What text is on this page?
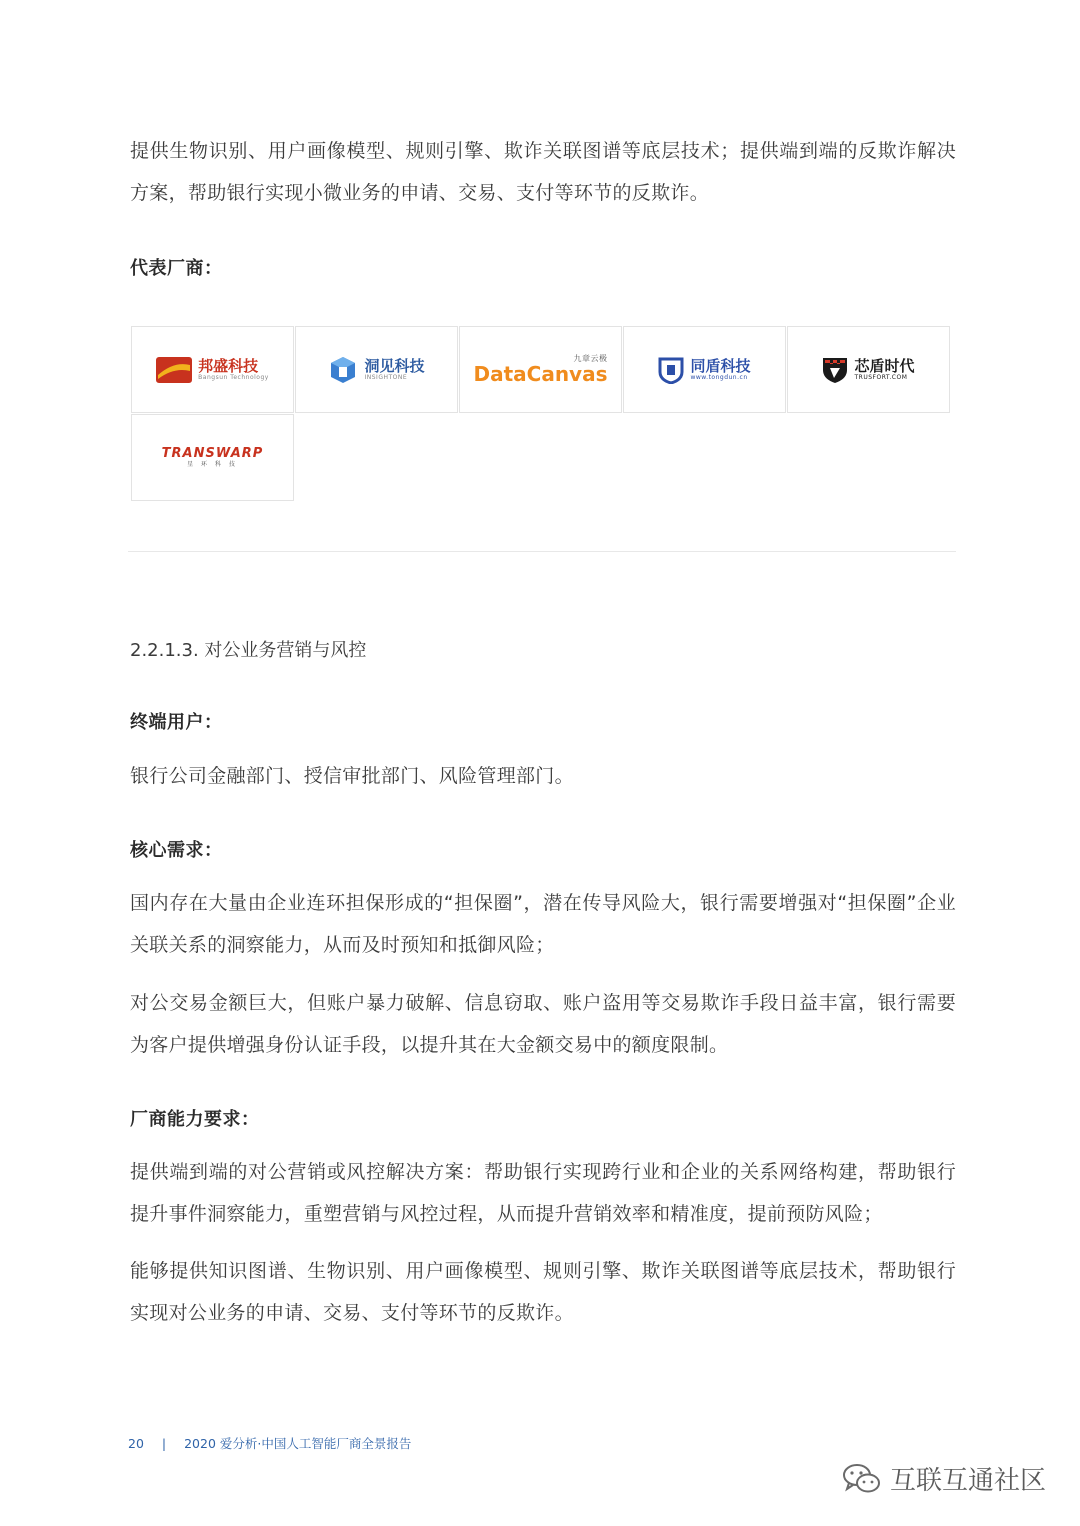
提供生物识别、用户画像模型、规则引擎、欺诈关联图谱等底层技术；提供端到端的反欺诈解决方案，帮助银行实现小微业务的申请、交易、支付等环节的反欺诈。

代表厂商：

邦盛科技
Bangsun Technology
洞见科技
INSIGHTONE
九章云极
DataCanvas	同盾科技
www.tongdun.cn
芯盾时代
TRUSFORT.COM
TRANSWARP
星 环 科 技

2.2.1.3. 对公业务营销与风控

终端用户：

银行公司金融部门、授信审批部门、风险管理部门。

核心需求：

国内存在大量由企业连环担保形成的“担保圈”，潜在传导风险大，银行需要增强对“担保圈”企业关联关系的洞察能力，从而及时预知和抵御风险；

对公交易金额巨大，但账户暴力破解、信息窃取、账户盗用等交易欺诈手段日益丰富，银行需要为客户提供增强身份认证手段，以提升其在大金额交易中的额度限制。

厂商能力要求：

提供端到端的对公营销或风控解决方案：帮助银行实现跨行业和企业的关系网络构建，帮助银行提升事件洞察能力，重塑营销与风控过程，从而提升营销效率和精准度，提前预防风险；

能够提供知识图谱、生物识别、用户画像模型、规则引擎、欺诈关联图谱等底层技术，帮助银行实现对公业务的申请、交易、支付等环节的反欺诈。

20 | 2020 爱分析·中国人工智能厂商全景报告
互联互通社区
